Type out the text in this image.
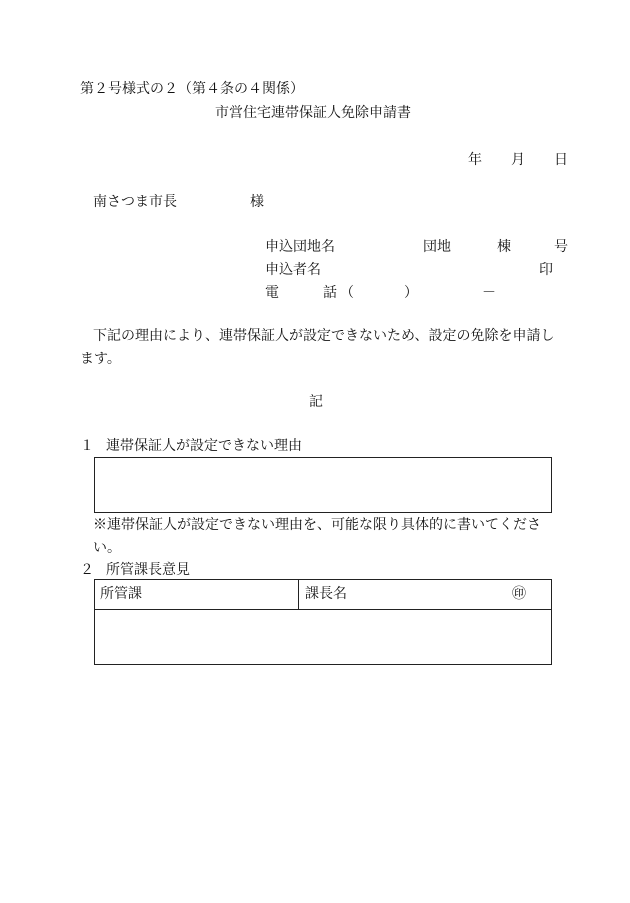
第２号様式の２（第４条の４関係）
市営住宅連帯保証人免除申請書
年 月 日
南さつま市長	様
申込団地名	団地	棟	号
申込者名	印
電	話 （	）	－
下記の理由により、連帯保証人が設定できないため、設定の免除を申請し
ます。
記
１ 連帯保証人が設定できない理由
※連帯保証人が設定できない理由を、可能な限り具体的に書いてくださ
い。
２ 所管課長意見
所管課	課長名	㊞
